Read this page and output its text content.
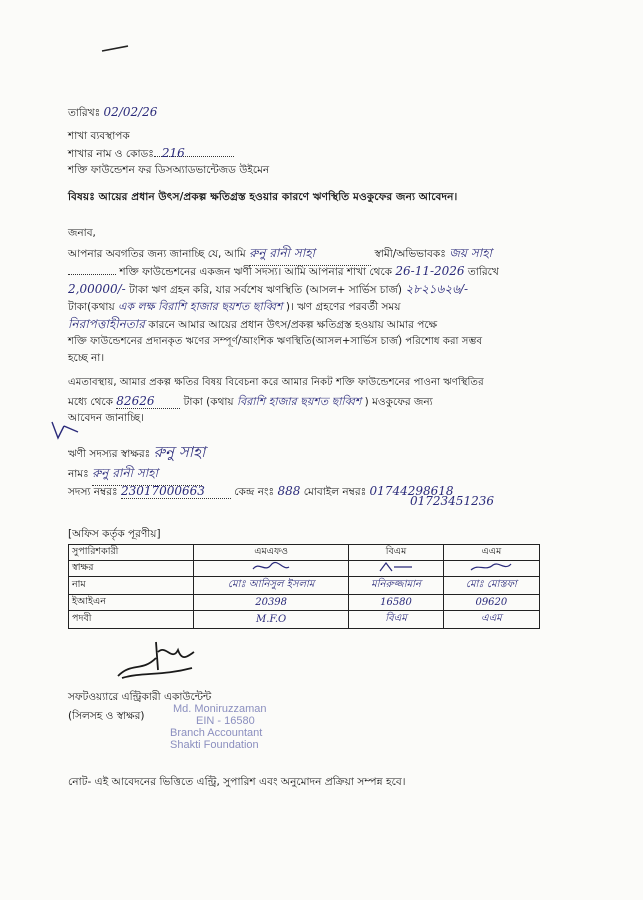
তারিখঃ 02/02/26
শাখা ব্যবস্থাপক
শাখার নাম ও কোডঃ 216
শক্তি ফাউন্ডেশন ফর ডিসঅ্যাডভান্টেজড উইমেন
বিষয়ঃ আয়ের প্রধান উৎস/প্রকল্প ক্ষতিগ্রস্ত হওয়ার কারণে ঋণস্থিতি মওকুফের জন্য আবেদন।
জনাব,
আপনার অবগতির জন্য জানাচ্ছি যে, আমি রুনু রানী সাহা	স্বামী/অভিভাবকঃ জয় সাহা
শক্তি ফাউন্ডেশনের একজন ঋণী সদস্য। আমি আপনার শাখা থেকে 26-11-2026 তারিখে
2,00000/- টাকা ঋণ গ্রহন করি, যার সর্বশেষ ঋণস্থিতি (আসল+ সার্ভিস চার্জ) ২৮২১৬২৬/-
টাকা(কথায় এক লক্ষ বিরাশি হাজার ছয়শত ছাব্বিশ )। ঋণ গ্রহণের পরবর্তী সময়
নিরাপত্তাহীনতার কারনে আমার আয়ের প্রধান উৎস/প্রকল্প ক্ষতিগ্রস্ত হওয়ায় আমার পক্ষে
শক্তি ফাউন্ডেশনের প্রদানকৃত ঋণের সম্পূর্ণ/আংশিক ঋণস্থিতি(আসল+সার্ভিস চার্জ) পরিশোধ করা সম্ভব
হচ্ছে না।
এমতাবস্থায়, আমার প্রকল্প ক্ষতির বিষয় বিবেচনা করে আমার নিকট শক্তি ফাউন্ডেশনের পাওনা ঋণস্থিতির
মধ্যে থেকে 82626	টাকা (কথায় বিরাশি হাজার ছয়শত ছাব্বিশ ) মওকুফের জন্য
আবেদন জানাচ্ছি।
ঋণী সদস্যর স্বাক্ষরঃ রুনু সাহা
নামঃ রুনু রানী সাহা
সদস্য নম্বরঃ 23017000663	কেন্দ্র নংঃ 888 মোবাইল নম্বরঃ 01744298618
01723451236
[অফিস কর্তৃক পূরণীয়]
সুপারিশকারী	এমএফও	বিএম	এএম
স্বাক্ষর			
নাম	মোঃ আনিসুল ইসলাম	মনিরুজ্জামান	মোঃ মোস্তফা
ইআইএন	20398	16580	09620
পদবী	M.F.O	বিএম	এএম
সফটওয়্যারে এন্ট্রিকারী একাউন্টেন্ট
(সিলসহ ও স্বাক্ষর)
Md. Moniruzzaman
EIN - 16580
Branch Accountant
Shakti Foundation
নোট- এই আবেদনের ভিত্তিতে এন্ট্রি, সুপারিশ এবং অনুমোদন প্রক্রিয়া সম্পন্ন হবে।
